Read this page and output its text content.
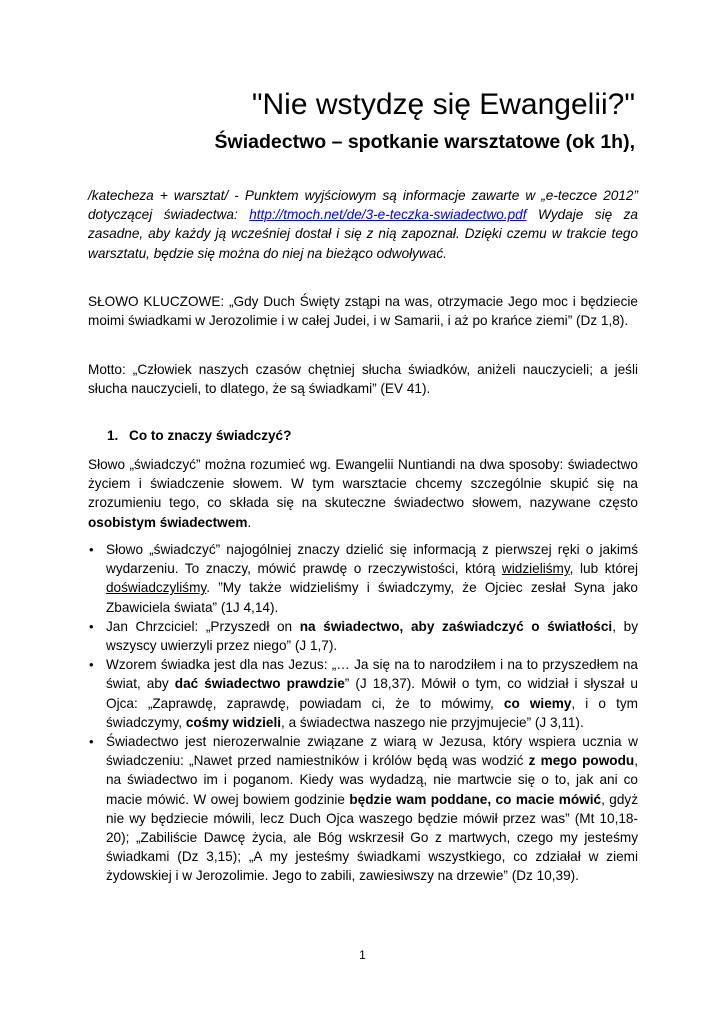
"Nie wstydzę się Ewangelii?"
Świadectwo – spotkanie warsztatowe (ok 1h),

/katecheza + warsztat/ - Punktem wyjściowym są informacje zawarte w „e-teczce 2012” dotyczącej świadectwa: http://tmoch.net/de/3-e-teczka-swiadectwo.pdf Wydaje się za zasadne, aby każdy ją wcześniej dostał i się z nią zapoznał. Dzięki czemu w trakcie tego warsztatu, będzie się można do niej na bieżąco odwoływać.

SŁOWO KLUCZOWE: „Gdy Duch Święty zstąpi na was, otrzymacie Jego moc i będziecie moimi świadkami w Jerozolimie i w całej Judei, i w Samarii, i aż po krańce ziemi” (Dz 1,8).

Motto: „Człowiek naszych czasów chętniej słucha świadków, aniżeli nauczycieli; a jeśli słucha nauczycieli, to dlatego, że są świadkami” (EV 41).

1. Co to znaczy świadczyć?

Słowo „świadczyć” można rozumieć wg. Ewangelii Nuntiandi na dwa sposoby: świadectwo życiem i świadczenie słowem. W tym warsztacie chcemy szczególnie skupić się na zrozumieniu tego, co składa się na skuteczne świadectwo słowem, nazywane często osobistym świadectwem.

• Słowo „świadczyć” najogólniej znaczy dzielić się informacją z pierwszej ręki o jakimś wydarzeniu. To znaczy, mówić prawdę o rzeczywistości, którą widzieliśmy, lub której doświadczyliśmy. ”My także widzieliśmy i świadczymy, że Ojciec zesłał Syna jako Zbawiciela świata” (1J 4,14).
• Jan Chrzciciel: „Przyszedł on na świadectwo, aby zaświadczyć o światłości, by wszyscy uwierzyli przez niego” (J 1,7).
• Wzorem świadka jest dla nas Jezus: „… Ja się na to narodziłem i na to przyszedłem na świat, aby dać świadectwo prawdzie” (J 18,37). Mówił o tym, co widział i słyszał u Ojca: „Zaprawdę, zaprawdę, powiadam ci, że to mówimy, co wiemy, i o tym świadczymy, cośmy widzieli, a świadectwa naszego nie przyjmujecie” (J 3,11).
• Świadectwo jest nierozerwalnie związane z wiarą w Jezusa, który wspiera ucznia w świadczeniu: „Nawet przed namiestników i królów będą was wodzić z mego powodu, na świadectwo im i poganom. Kiedy was wydadzą, nie martwcie się o to, jak ani co macie mówić. W owej bowiem godzinie będzie wam poddane, co macie mówić, gdyż nie wy będziecie mówili, lecz Duch Ojca waszego będzie mówił przez was” (Mt 10,18-20); „Zabiliście Dawcę życia, ale Bóg wskrzesił Go z martwych, czego my jesteśmy świadkami (Dz 3,15); „A my jesteśmy świadkami wszystkiego, co zdziałał w ziemi żydowskiej i w Jerozolimie. Jego to zabili, zawiesiwszy na drzewie” (Dz 10,39).
1
